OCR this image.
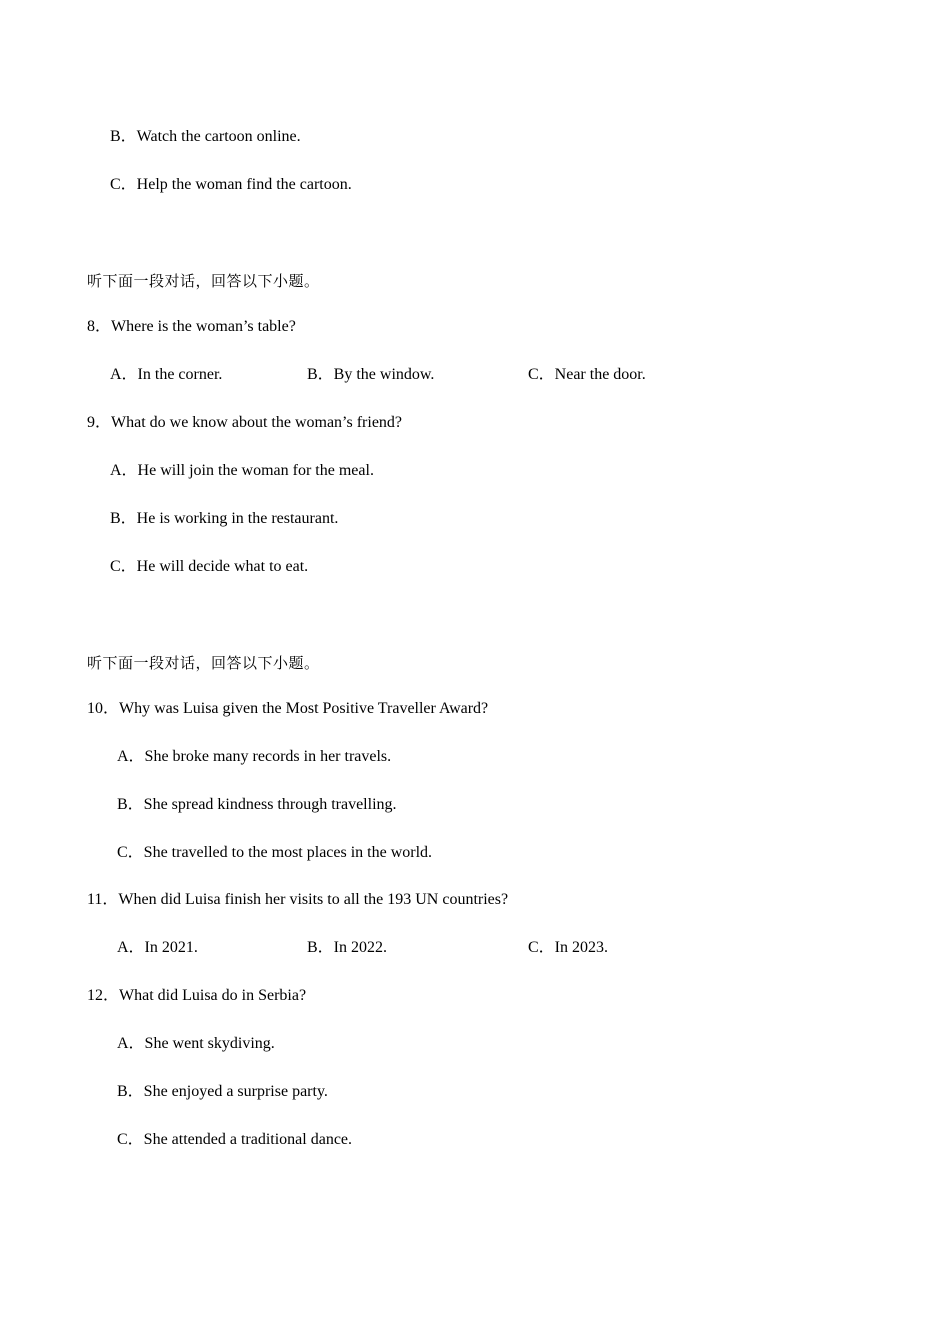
B．Watch the cartoon online.
C．Help the woman find the cartoon.
听下面一段对话，回答以下小题。
8．Where is the woman’s table?
A．In the corner.	B．By the window.	C．Near the door.
9．What do we know about the woman’s friend?
A．He will join the woman for the meal.
B．He is working in the restaurant.
C．He will decide what to eat.
听下面一段对话，回答以下小题。
10．Why was Luisa given the Most Positive Traveller Award?
A．She broke many records in her travels.
B．She spread kindness through travelling.
C．She travelled to the most places in the world.
11．When did Luisa finish her visits to all the 193 UN countries?
A．In 2021.	B．In 2022.	C．In 2023.
12．What did Luisa do in Serbia?
A．She went skydiving.
B．She enjoyed a surprise party.
C．She attended a traditional dance.
